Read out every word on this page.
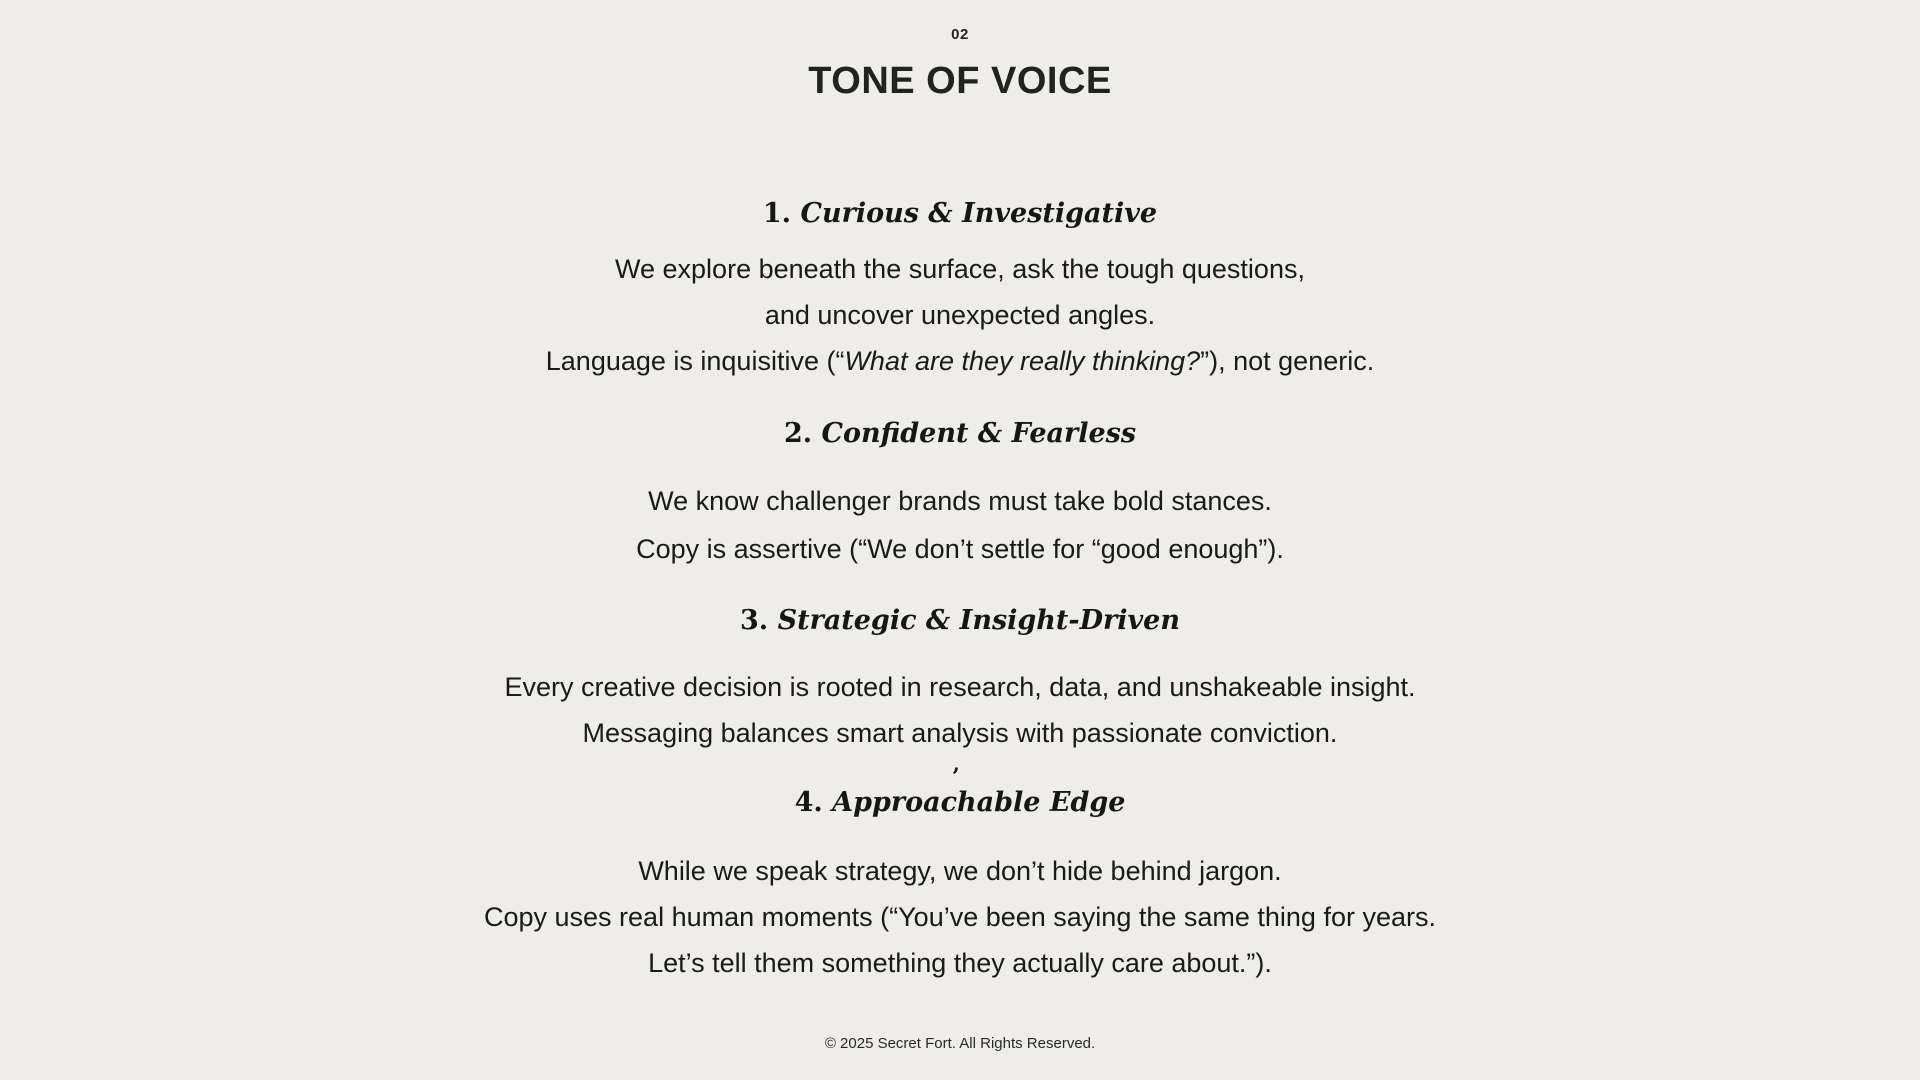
02
TONE OF VOICE
1. Curious & Investigative

We explore beneath the surface, ask the tough questions,

and uncover unexpected angles.

Language is inquisitive (“What are they really thinking?”), not generic.

2. Confident & Fearless

We know challenger brands must take bold stances.

Copy is assertive (“We don’t settle for “good enough”).

3. Strategic & Insight-Driven

Every creative decision is rooted in research, data, and unshakeable insight.

Messaging balances smart analysis with passionate conviction.

’
4. Approachable Edge

While we speak strategy, we don’t hide behind jargon.

Copy uses real human moments (“You’ve been saying the same thing for years.

Let’s tell them something they actually care about.”).

© 2025 Secret Fort. All Rights Reserved.
